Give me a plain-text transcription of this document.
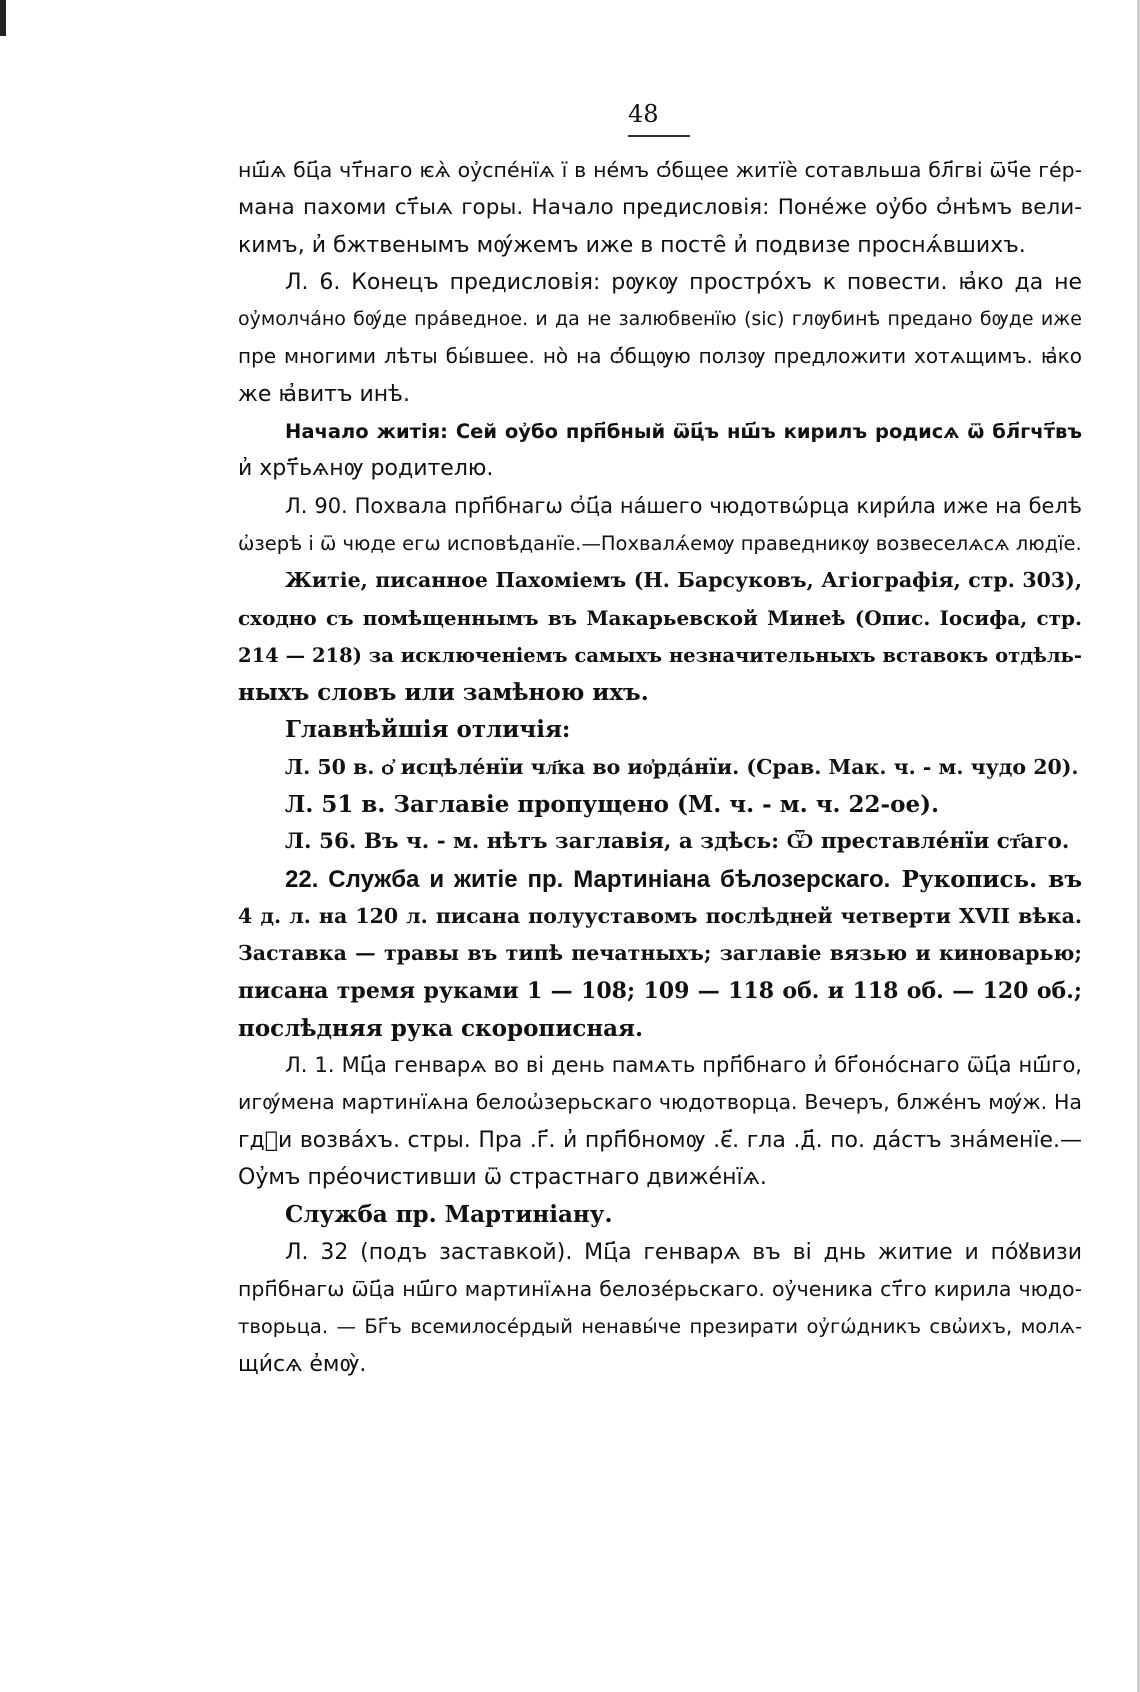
48
нш҃ѧ бц҃а чт҃наго ѥѧ̀ оу҆спе́нїѧ ї в не́мъ ѻ҆́бщее житїѐ сотавльша бл҃гві ѿч҃е ге́р-
мана пахоми ст҃ыѧ горы. Начало предисловія: Поне́же оу҆бо ѻ҆нѣмъ вели-
кимъ, и҆ бжтвенымъ мѹ́жемъ иже в посте̑ и҆ подвизе проснѧ́вшихъ.
Л. 6. Конецъ предисловія: рѹкѹ простро́хъ к повести. ꙗ҆ко да не
оу҆молча́но бѹ́де пра́ведное. и да не залюбвенїю (sic) глѹбинѣ предано бѹде иже
пре многими лѣты бы́вшее. но̀ на ѻ҆́бщѹю ползѹ предложити хотѧщимъ. ꙗ҆ко
же ꙗ҆витъ инѣ.
Начало житія: Сей оу҆бо прп҃бный ѿц҃ъ нш҃ъ кирилъ родисѧ ѿ бл҃гчт҃въ
и҆ хрт҃ьѧнѹ родителю.
Л. 90. Похвала прп҃бнагѡ ѻ҆ц҃а на́шего чюдотвѡ́рца кири́ла иже на белѣ
ѡ҆зерѣ і ѿ чюде егѡ исповѣданїе.—Похвалѧ́емѹ праведникѹ возвеселѧсѧ людїе.
Житіе, писанное Пахоміемъ (Н. Барсуковъ, Агіографія, стр. 303),
сходно съ помѣщеннымъ въ Макарьевской Минеѣ (Опис. Іосифа, стр.
214 — 218) за исключеніемъ самыхъ незначительныхъ вставокъ отдѣль-
ныхъ словъ или замѣною ихъ.
Главнѣйшія отличія:
Л. 50 в. ѻ҆ исцѣле́нїи чл҃ка во ио҆рда́нїи. (Срав. Мак. ч. - м. чудо 20).
Л. 51 в. Заглавіе пропущено (М. ч. - м. ч. 22-ое).
Л. 56. Въ ч. - м. нѣтъ заглавія, а здѣсь: Ѿ преставле́нїи ст҃аго.
22. Служба и житіе пр. Мартиніана бѣлозерскаго. Рукопись. въ
4 д. л. на 120 л. писана полууставомъ послѣдней четверти XVII вѣка.
Заставка — травы въ типѣ печатныхъ; заглавіе вязью и киноварью;
писана тремя руками 1 — 108; 109 — 118 об. и 118 об. — 120 об.;
послѣдняя рука скорописная.
Л. 1. Мц҃а генварѧ во ві день памѧть прп҃бнаго и҆ бг҃оно́снаго ѿц҃а нш҃го,
игѹ́мена мартинїѧна белоѡ҆зерьскаго чюдотворца. Вечеръ, блже́нъ мѹ́ж. На
гдⷭи возва́хъ. стры. Пра .г҃. и҆ прп҃бномѹ .є҃. гла .д҃. по. да́стъ зна́менїе.—
Оу҆мъ пре́очистивши ѿ страстнаго движе́нїѧ.
Служба пр. Мартиніану.
Л. 32 (подъ заставкой). Мц҃а генварѧ въ ві днь житие и по́ꙋвизи
прп҃бнагѡ ѿц҃а нш҃го мартинїѧна белозе́рьскаго. оу҆ченика ст҃го кирила чюдо-
творьца. — Бг҃ъ всемилосе́рдый ненавы́че презирати оу҆гѡ́дникъ свѡ҆ихъ, молѧ-
щи́сѧ е҆мѹ̀.
